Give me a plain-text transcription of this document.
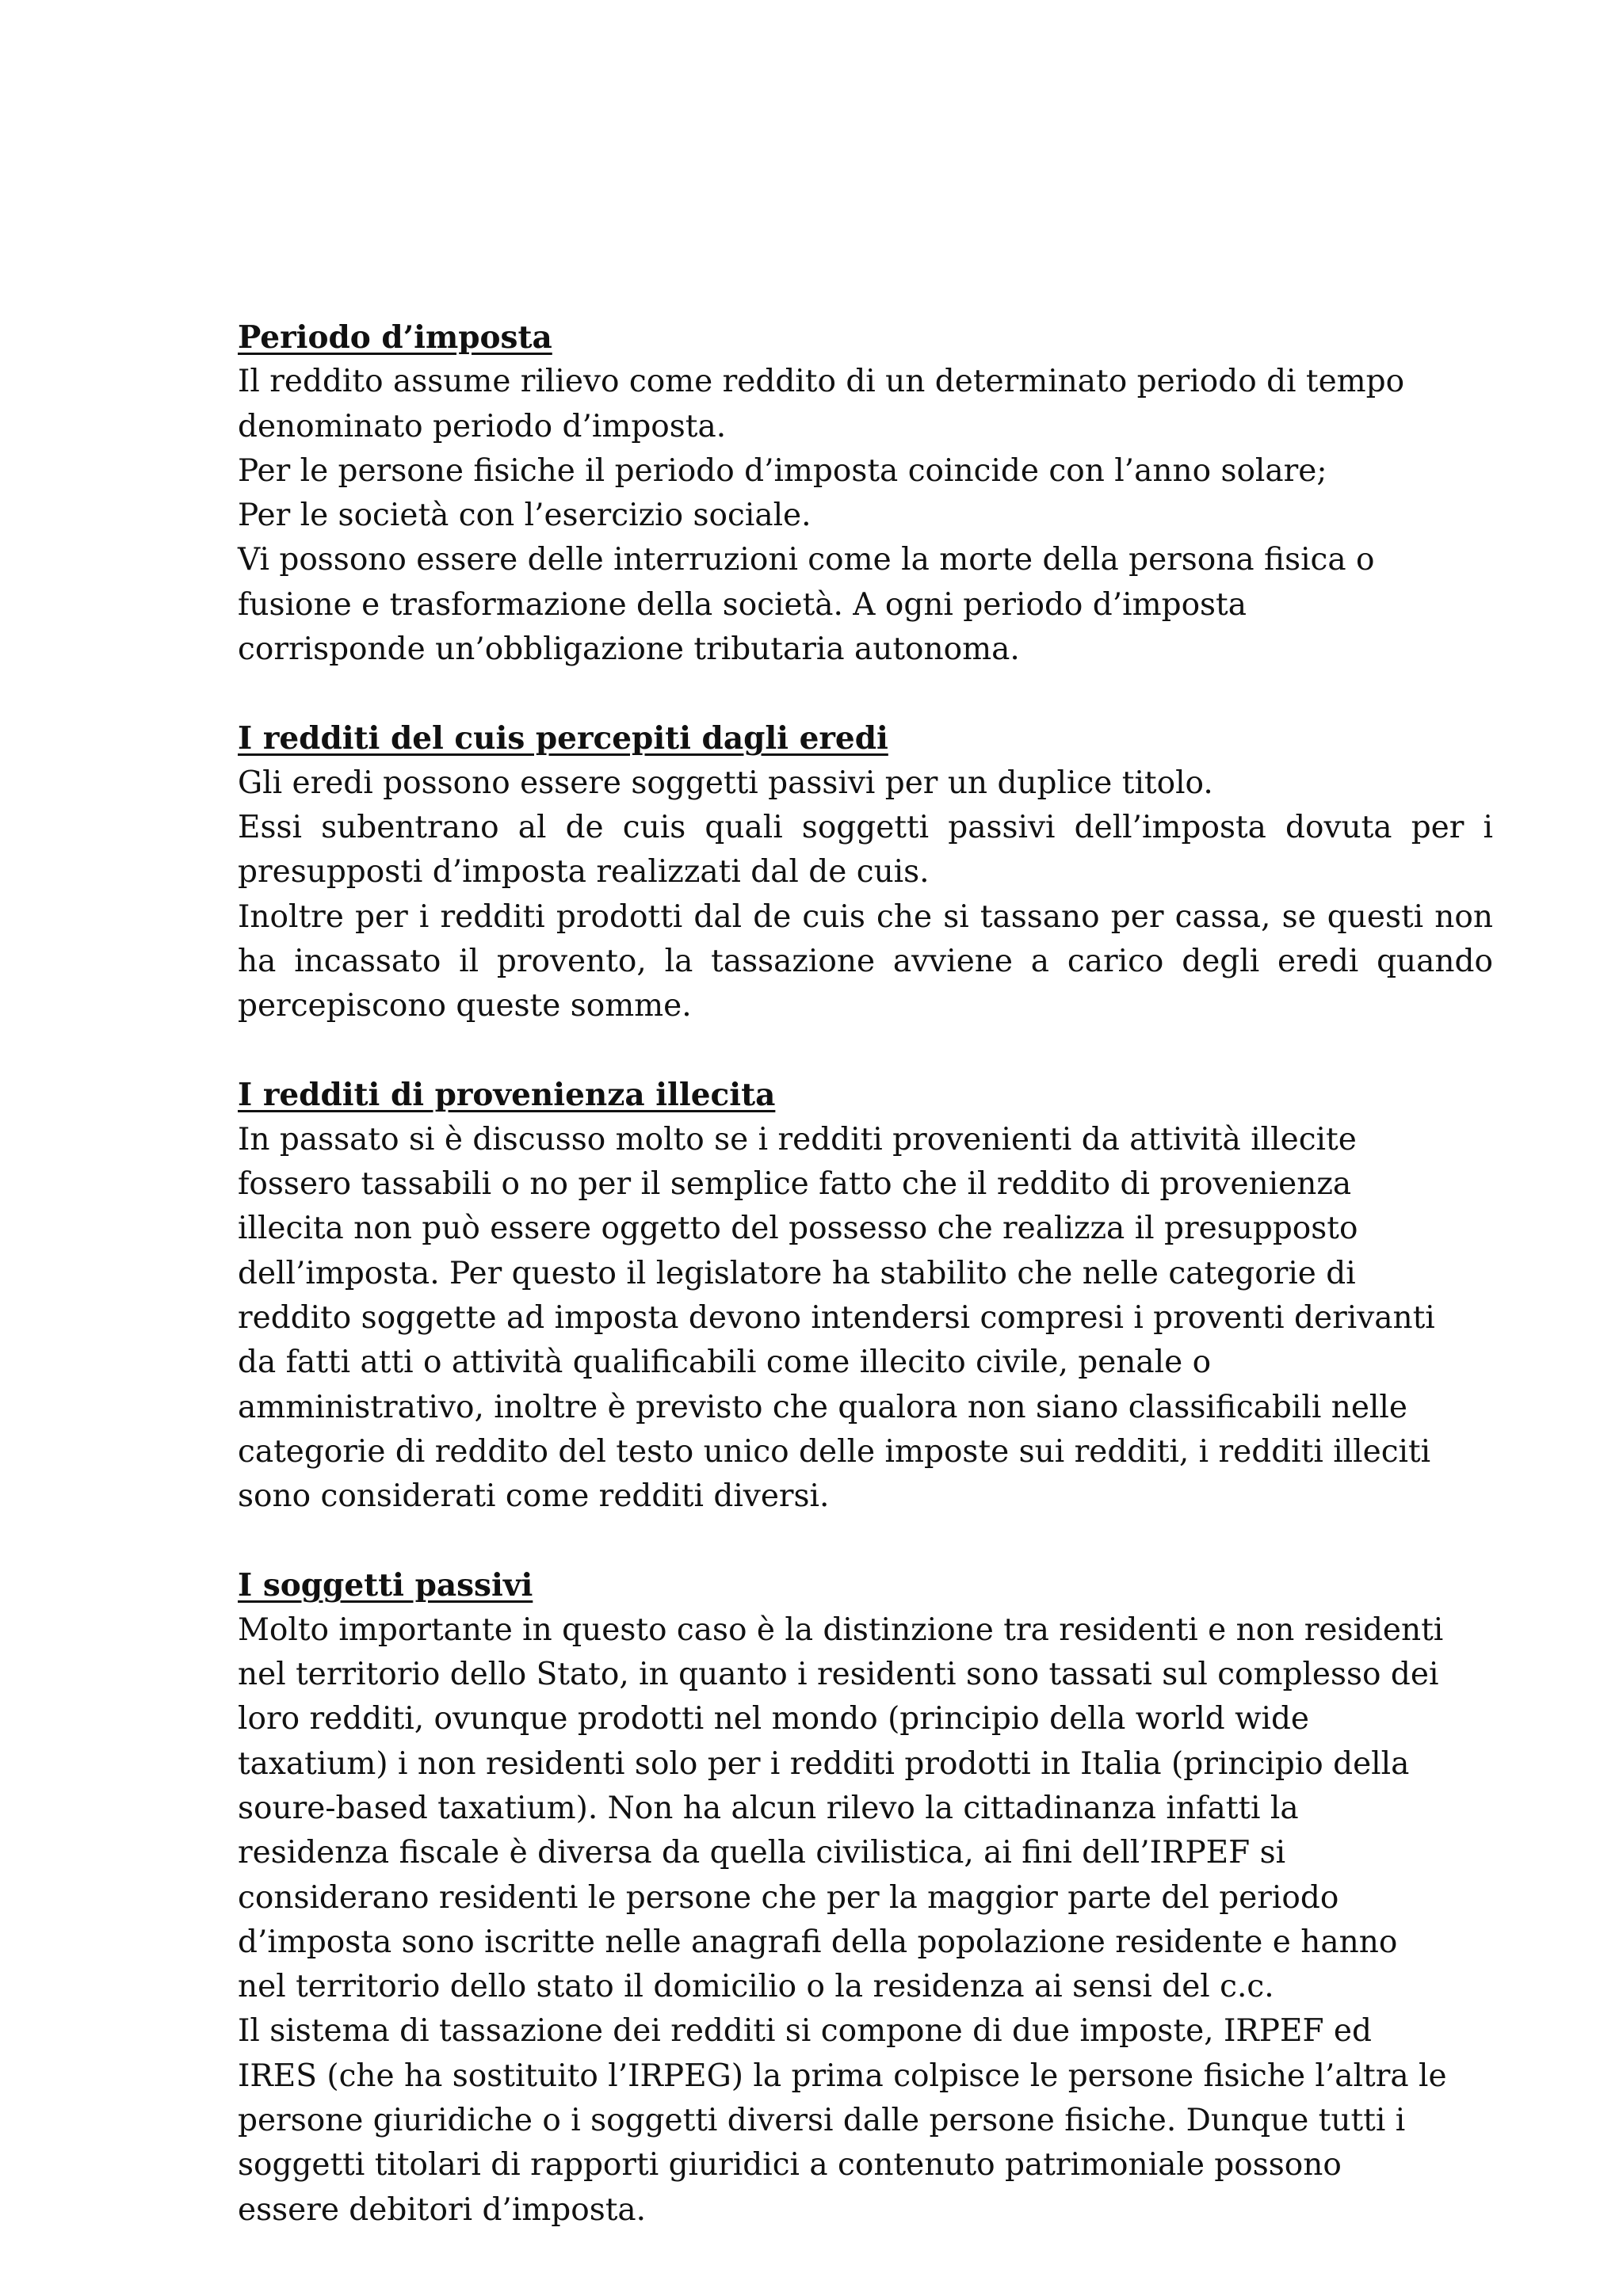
Periodo d’imposta

Il reddito assume rilievo come reddito di un determinato periodo di tempo

denominato periodo d’imposta.

Per le persone fisiche il periodo d’imposta coincide con l’anno solare;

Per le società con l’esercizio sociale.

Vi possono essere delle interruzioni come la morte della persona fisica o

fusione e trasformazione della società. A ogni periodo d’imposta

corrisponde un’obbligazione tributaria autonoma.

I redditi del cuis percepiti dagli eredi

Gli eredi possono essere soggetti passivi per un duplice titolo.

Essi subentrano al de cuis quali soggetti passivi dell’imposta dovuta per i presupposti d’imposta realizzati dal de cuis.

Inoltre per i redditi prodotti dal de cuis che si tassano per cassa, se questi non ha incassato il provento, la tassazione avviene a carico degli eredi quando percepiscono queste somme.

I redditi di provenienza illecita

In passato si è discusso molto se i redditi provenienti da attività illecite

fossero tassabili o no per il semplice fatto che il reddito di provenienza

illecita non può essere oggetto del possesso che realizza il presupposto

dell’imposta. Per questo il legislatore ha stabilito che nelle categorie di

reddito soggette ad imposta devono intendersi compresi i proventi derivanti

da fatti atti o attività qualificabili come illecito civile, penale o

amministrativo, inoltre è previsto che qualora non siano classificabili nelle

categorie di reddito del testo unico delle imposte sui redditi, i redditi illeciti

sono considerati come redditi diversi.

I soggetti passivi

Molto importante in questo caso è la distinzione tra residenti e non residenti

nel territorio dello Stato, in quanto i residenti sono tassati sul complesso dei

loro redditi, ovunque prodotti nel mondo (principio della world wide

taxatium) i non residenti solo per i redditi prodotti in Italia (principio della

soure-based taxatium). Non ha alcun rilevo la cittadinanza infatti la

residenza fiscale è diversa da quella civilistica, ai fini dell’IRPEF si

considerano residenti le persone che per la maggior parte del periodo

d’imposta sono iscritte nelle anagrafi della popolazione residente e hanno

nel territorio dello stato il domicilio o la residenza ai sensi del c.c.

Il sistema di tassazione dei redditi si compone di due imposte, IRPEF ed

IRES (che ha sostituito l’IRPEG) la prima colpisce le persone fisiche l’altra le

persone giuridiche o i soggetti diversi dalle persone fisiche. Dunque tutti i

soggetti titolari di rapporti giuridici a contenuto patrimoniale possono

essere debitori d’imposta.
